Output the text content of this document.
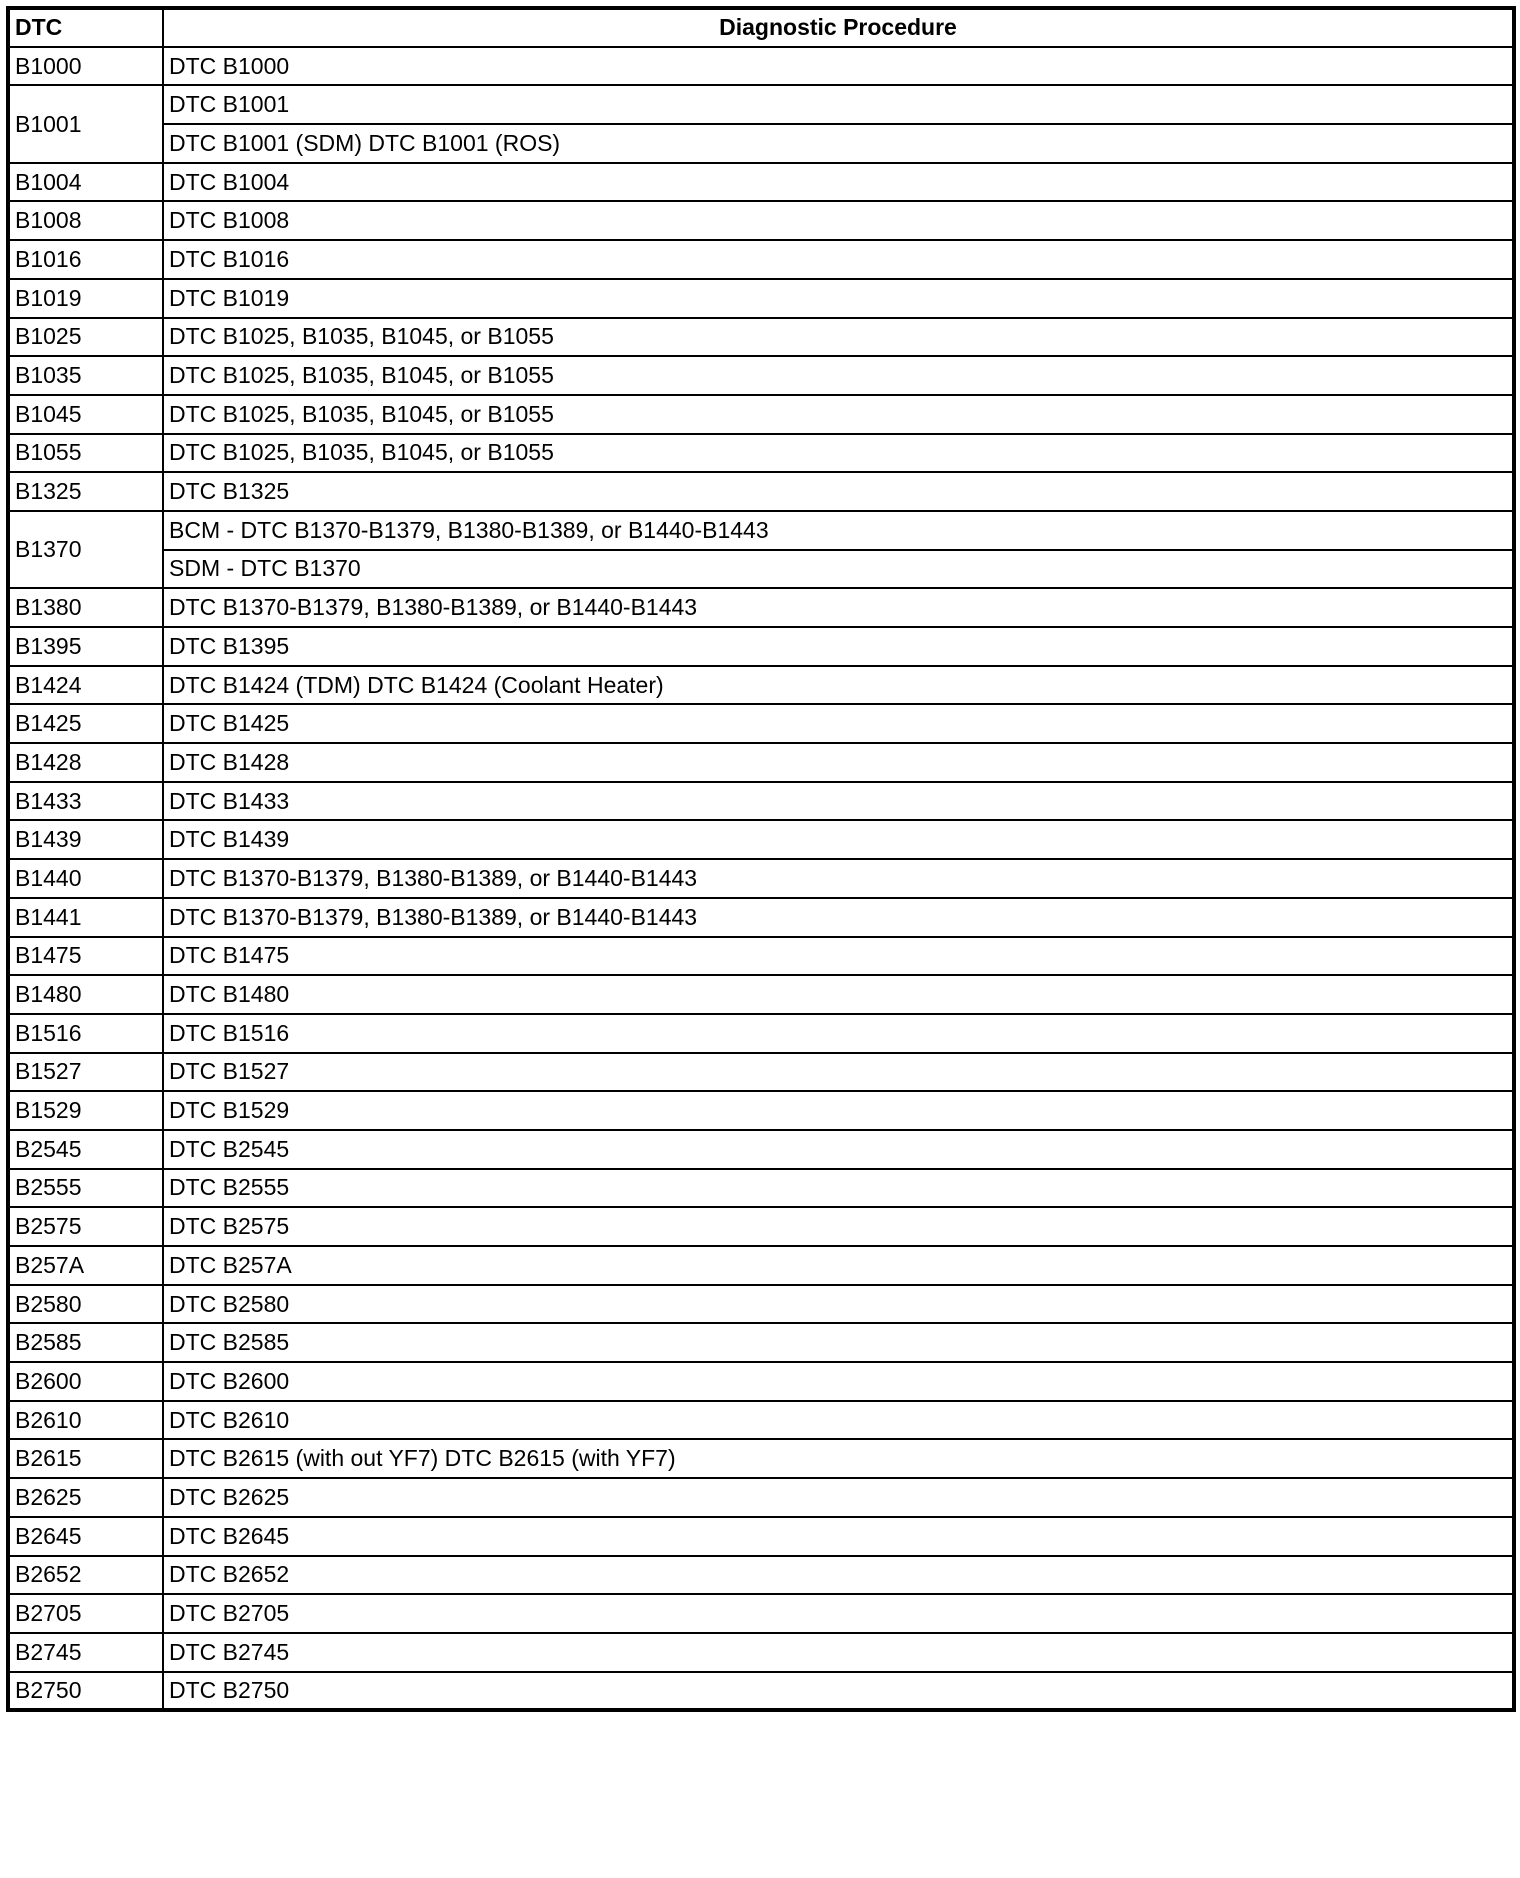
DTC	Diagnostic Procedure
B1000	DTC B1000
B1001	DTC B1001
	DTC B1001 (SDM) DTC B1001 (ROS)
B1004	DTC B1004
B1008	DTC B1008
B1016	DTC B1016
B1019	DTC B1019
B1025	DTC B1025, B1035, B1045, or B1055
B1035	DTC B1025, B1035, B1045, or B1055
B1045	DTC B1025, B1035, B1045, or B1055
B1055	DTC B1025, B1035, B1045, or B1055
B1325	DTC B1325
B1370	BCM - DTC B1370-B1379, B1380-B1389, or B1440-B1443
	SDM - DTC B1370
B1380	DTC B1370-B1379, B1380-B1389, or B1440-B1443
B1395	DTC B1395
B1424	DTC B1424 (TDM) DTC B1424 (Coolant Heater)
B1425	DTC B1425
B1428	DTC B1428
B1433	DTC B1433
B1439	DTC B1439
B1440	DTC B1370-B1379, B1380-B1389, or B1440-B1443
B1441	DTC B1370-B1379, B1380-B1389, or B1440-B1443
B1475	DTC B1475
B1480	DTC B1480
B1516	DTC B1516
B1527	DTC B1527
B1529	DTC B1529
B2545	DTC B2545
B2555	DTC B2555
B2575	DTC B2575
B257A	DTC B257A
B2580	DTC B2580
B2585	DTC B2585
B2600	DTC B2600
B2610	DTC B2610
B2615	DTC B2615 (with out YF7) DTC B2615 (with YF7)
B2625	DTC B2625
B2645	DTC B2645
B2652	DTC B2652
B2705	DTC B2705
B2745	DTC B2745
B2750	DTC B2750
